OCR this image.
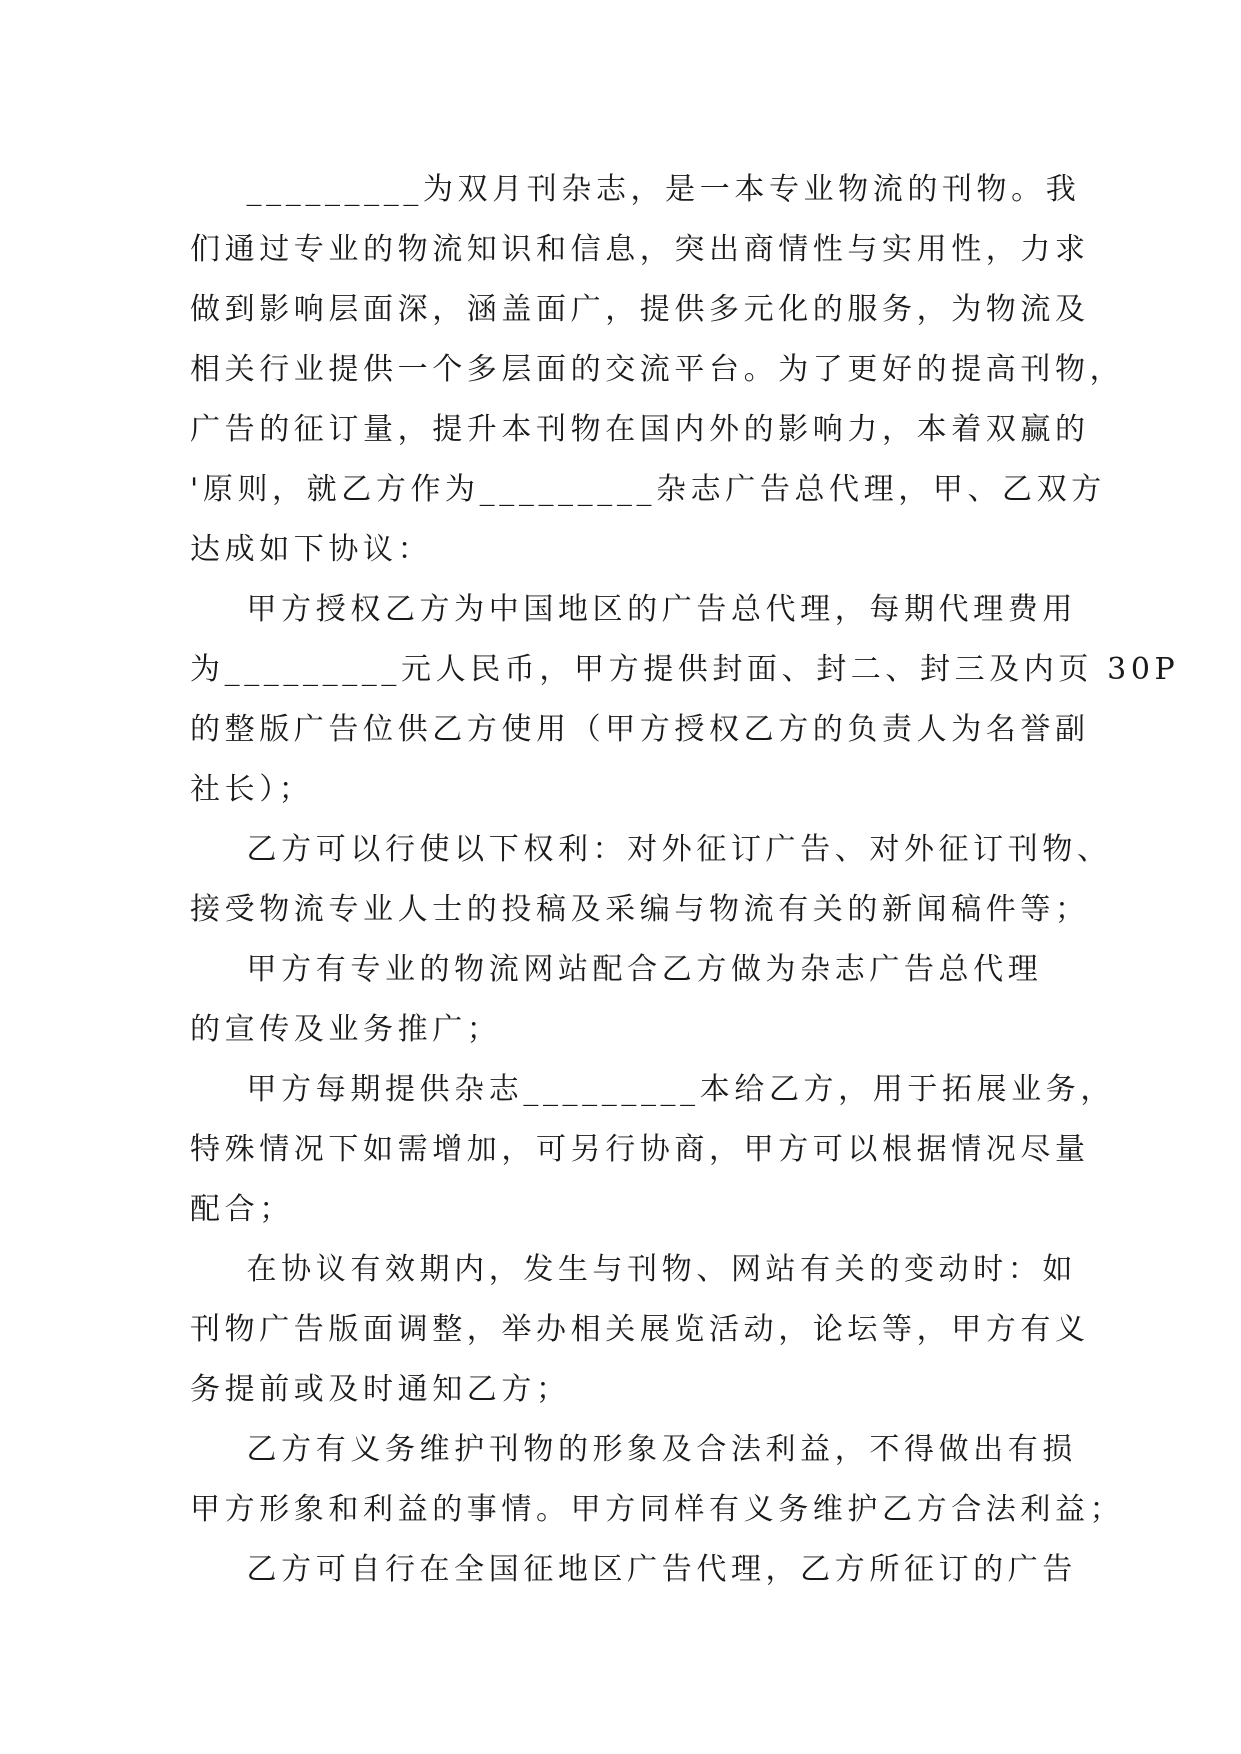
_________为双月刊杂志，是一本专业物流的刊物。我
们通过专业的物流知识和信息，突出商情性与实用性，力求
做到影响层面深，涵盖面广，提供多元化的服务，为物流及
相关行业提供一个多层面的交流平台。为了更好的提高刊物，
广告的征订量，提升本刊物在国内外的影响力，本着双赢的
'原则，就乙方作为_________杂志广告总代理，甲、乙双方
达成如下协议：
甲方授权乙方为中国地区的广告总代理，每期代理费用
为_________元人民币，甲方提供封面、封二、封三及内页 30P
的整版广告位供乙方使用（甲方授权乙方的负责人为名誉副
社长）；
乙方可以行使以下权利：对外征订广告、对外征订刊物、
接受物流专业人士的投稿及采编与物流有关的新闻稿件等；
甲方有专业的物流网站配合乙方做为杂志广告总代理
的宣传及业务推广；
甲方每期提供杂志_________本给乙方，用于拓展业务，
特殊情况下如需增加，可另行协商，甲方可以根据情况尽量
配合；
在协议有效期内，发生与刊物、网站有关的变动时：如
刊物广告版面调整，举办相关展览活动，论坛等，甲方有义
务提前或及时通知乙方；
乙方有义务维护刊物的形象及合法利益，不得做出有损
甲方形象和利益的事情。甲方同样有义务维护乙方合法利益；
乙方可自行在全国征地区广告代理，乙方所征订的广告
